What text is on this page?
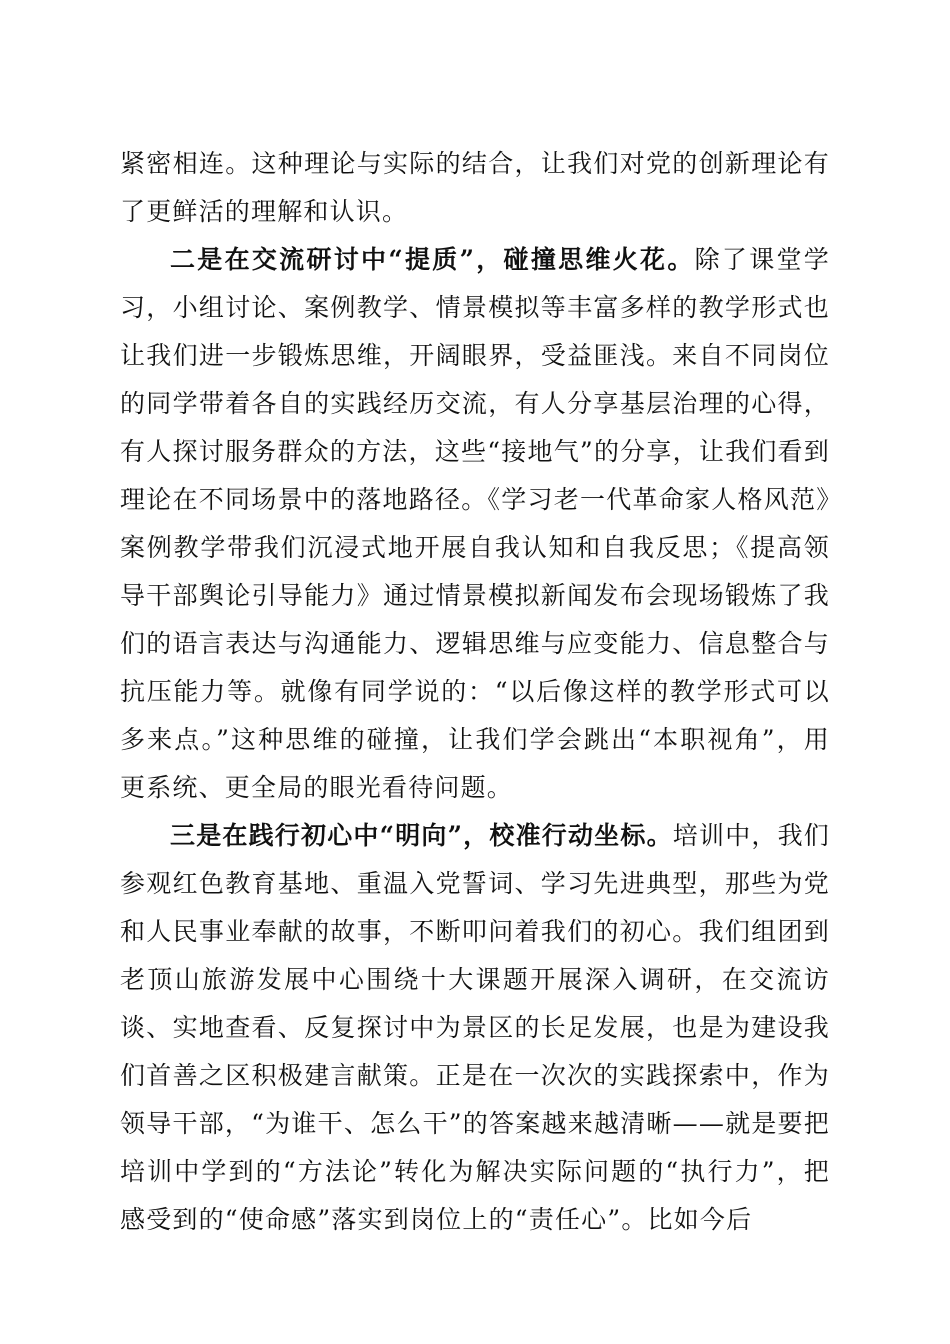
紧密相连。这种理论与实际的结合，让我们对党的创新理论有了更鲜活的理解和认识。

二是在交流研讨中“提质”，碰撞思维火花。除了课堂学习，小组讨论、案例教学、情景模拟等丰富多样的教学形式也让我们进一步锻炼思维，开阔眼界，受益匪浅。来自不同岗位的同学带着各自的实践经历交流，有人分享基层治理的心得，有人探讨服务群众的方法，这些“接地气”的分享，让我们看到理论在不同场景中的落地路径。《学习老一代革命家人格风范》案例教学带我们沉浸式地开展自我认知和自我反思；《提高领导干部舆论引导能力》通过情景模拟新闻发布会现场锻炼了我们的语言表达与沟通能力、逻辑思维与应变能力、信息整合与抗压能力等。就像有同学说的：“以后像这样的教学形式可以多来点。”这种思维的碰撞，让我们学会跳出“本职视角”，用更系统、更全局的眼光看待问题。

三是在践行初心中“明向”，校准行动坐标。培训中，我们参观红色教育基地、重温入党誓词、学习先进典型，那些为党和人民事业奉献的故事，不断叩问着我们的初心。我们组团到老顶山旅游发展中心围绕十大课题开展深入调研，在交流访谈、实地查看、反复探讨中为景区的长足发展，也是为建设我们首善之区积极建言献策。正是在一次次的实践探索中，作为领导干部，“为谁干、怎么干”的答案越来越清晰——就是要把培训中学到的“方法论”转化为解决实际问题的“执行力”，把感受到的“使命感”落实到岗位上的“责任心”。比如今后
